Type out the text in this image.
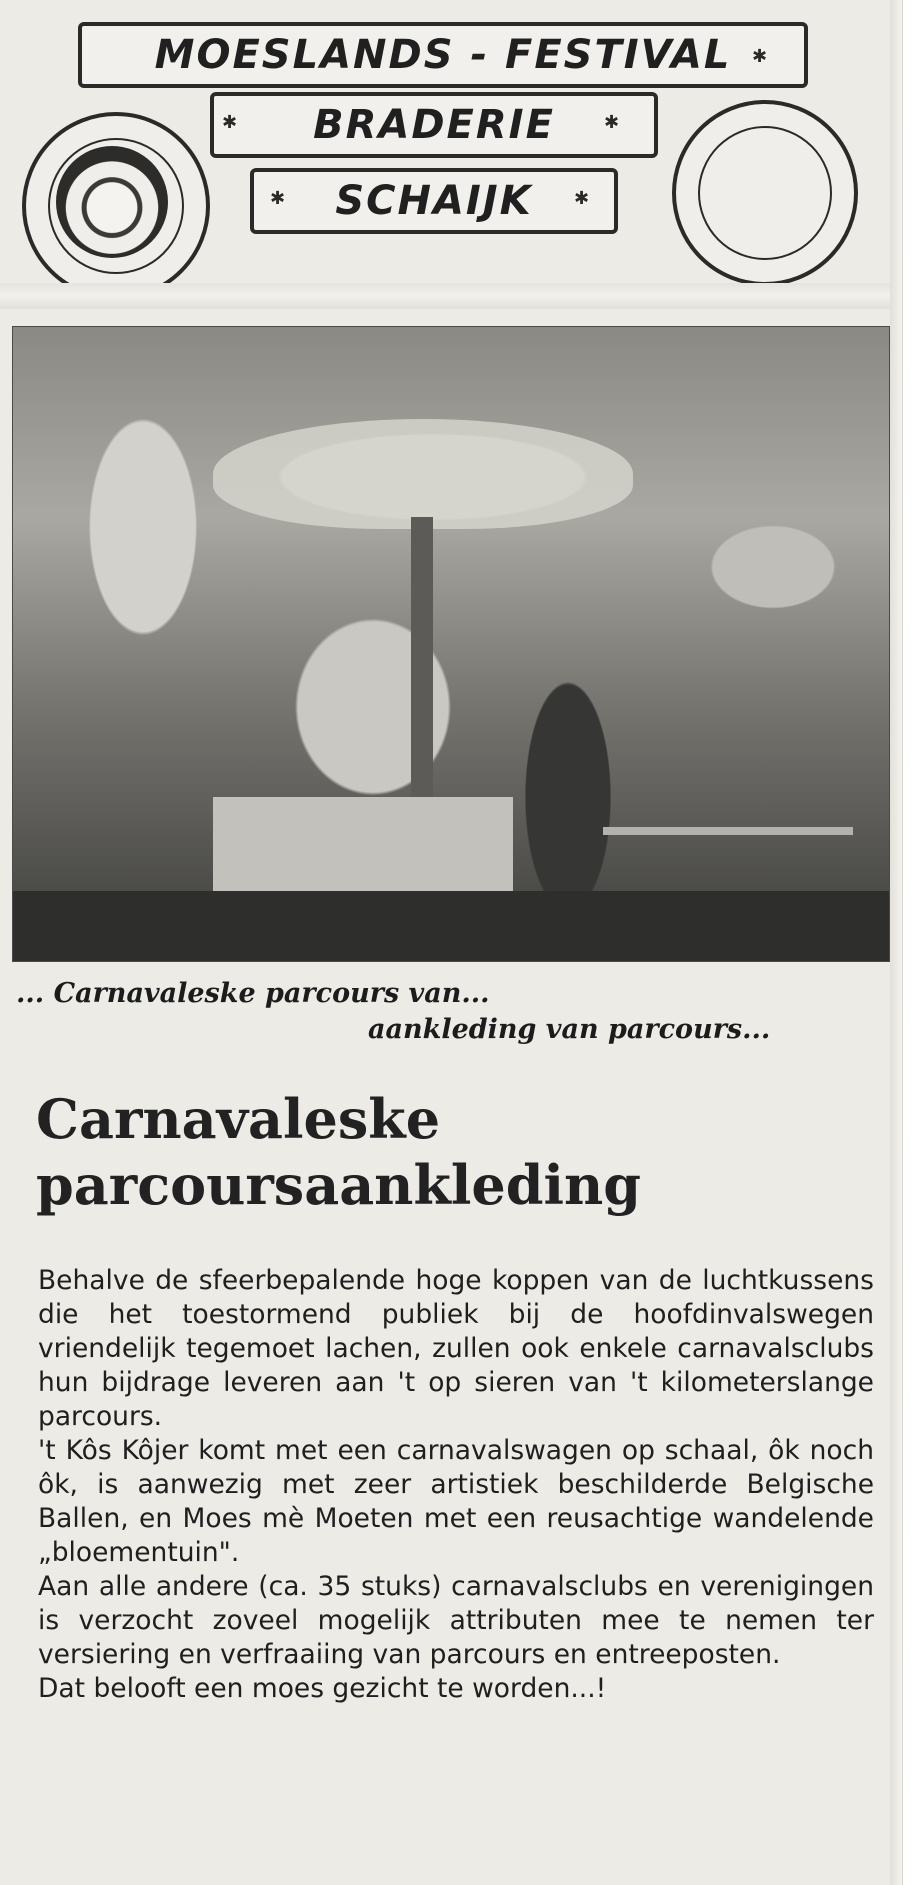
MOESLANDS - FESTIVAL ✱
BRADERIE
✱	✱
SCHAIJK
✱	✱
... Carnavaleske parcours van...
aankleding van parcours...
Carnavaleske parcoursaankleding

Behalve de sfeerbepalende hoge koppen van de luchtkussens die het toestormend publiek bij de hoofdinvalswegen vriendelijk tegemoet lachen, zullen ook enkele carnavalsclubs hun bijdrage leveren aan 't op sieren van 't kilometerslange parcours.

't Kôs Kôjer komt met een carnavalswagen op schaal, ôk noch ôk, is aanwezig met zeer artistiek beschilderde Belgische Ballen, en Moes mè Moeten met een reusachtige wandelende „bloementuin".

Aan alle andere (ca. 35 stuks) carnavalsclubs en verenigingen is verzocht zoveel mogelijk attributen mee te nemen ter versiering en verfraaiing van parcours en entreeposten.

Dat belooft een moes gezicht te worden...!
